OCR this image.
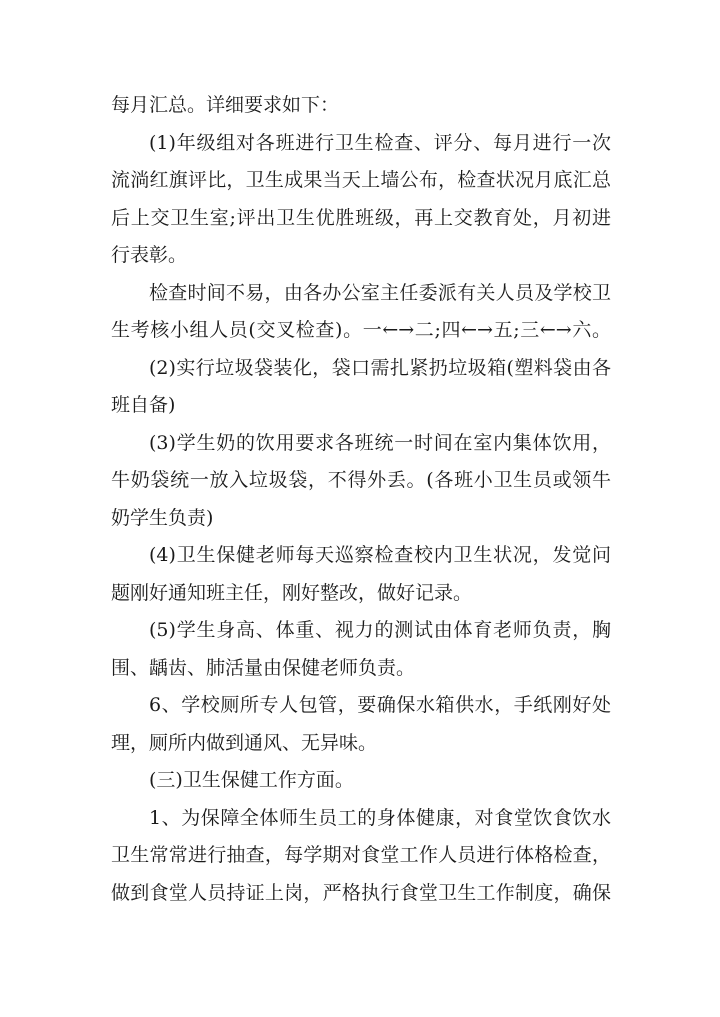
每月汇总。详细要求如下：
(1)年级组对各班进行卫生检查、评分、每月进行一次
流淌红旗评比，卫生成果当天上墙公布，检查状况月底汇总
后上交卫生室;评出卫生优胜班级，再上交教育处，月初进
行表彰。
检查时间不易，由各办公室主任委派有关人员及学校卫
生考核小组人员(交叉检查)。一←→二;四←→五;三←→六。
(2)实行垃圾袋装化，袋口需扎紧扔垃圾箱(塑料袋由各
班自备)
(3)学生奶的饮用要求各班统一时间在室内集体饮用，
牛奶袋统一放入垃圾袋，不得外丢。(各班小卫生员或领牛
奶学生负责)
(4)卫生保健老师每天巡察检查校内卫生状况，发觉问
题刚好通知班主任，刚好整改，做好记录。
(5)学生身高、体重、视力的测试由体育老师负责，胸
围、龋齿、肺活量由保健老师负责。
6、学校厕所专人包管，要确保水箱供水，手纸刚好处
理，厕所内做到通风、无异味。
(三)卫生保健工作方面。
1、为保障全体师生员工的身体健康，对食堂饮食饮水
卫生常常进行抽查，每学期对食堂工作人员进行体格检查，
做到食堂人员持证上岗，严格执行食堂卫生工作制度，确保
